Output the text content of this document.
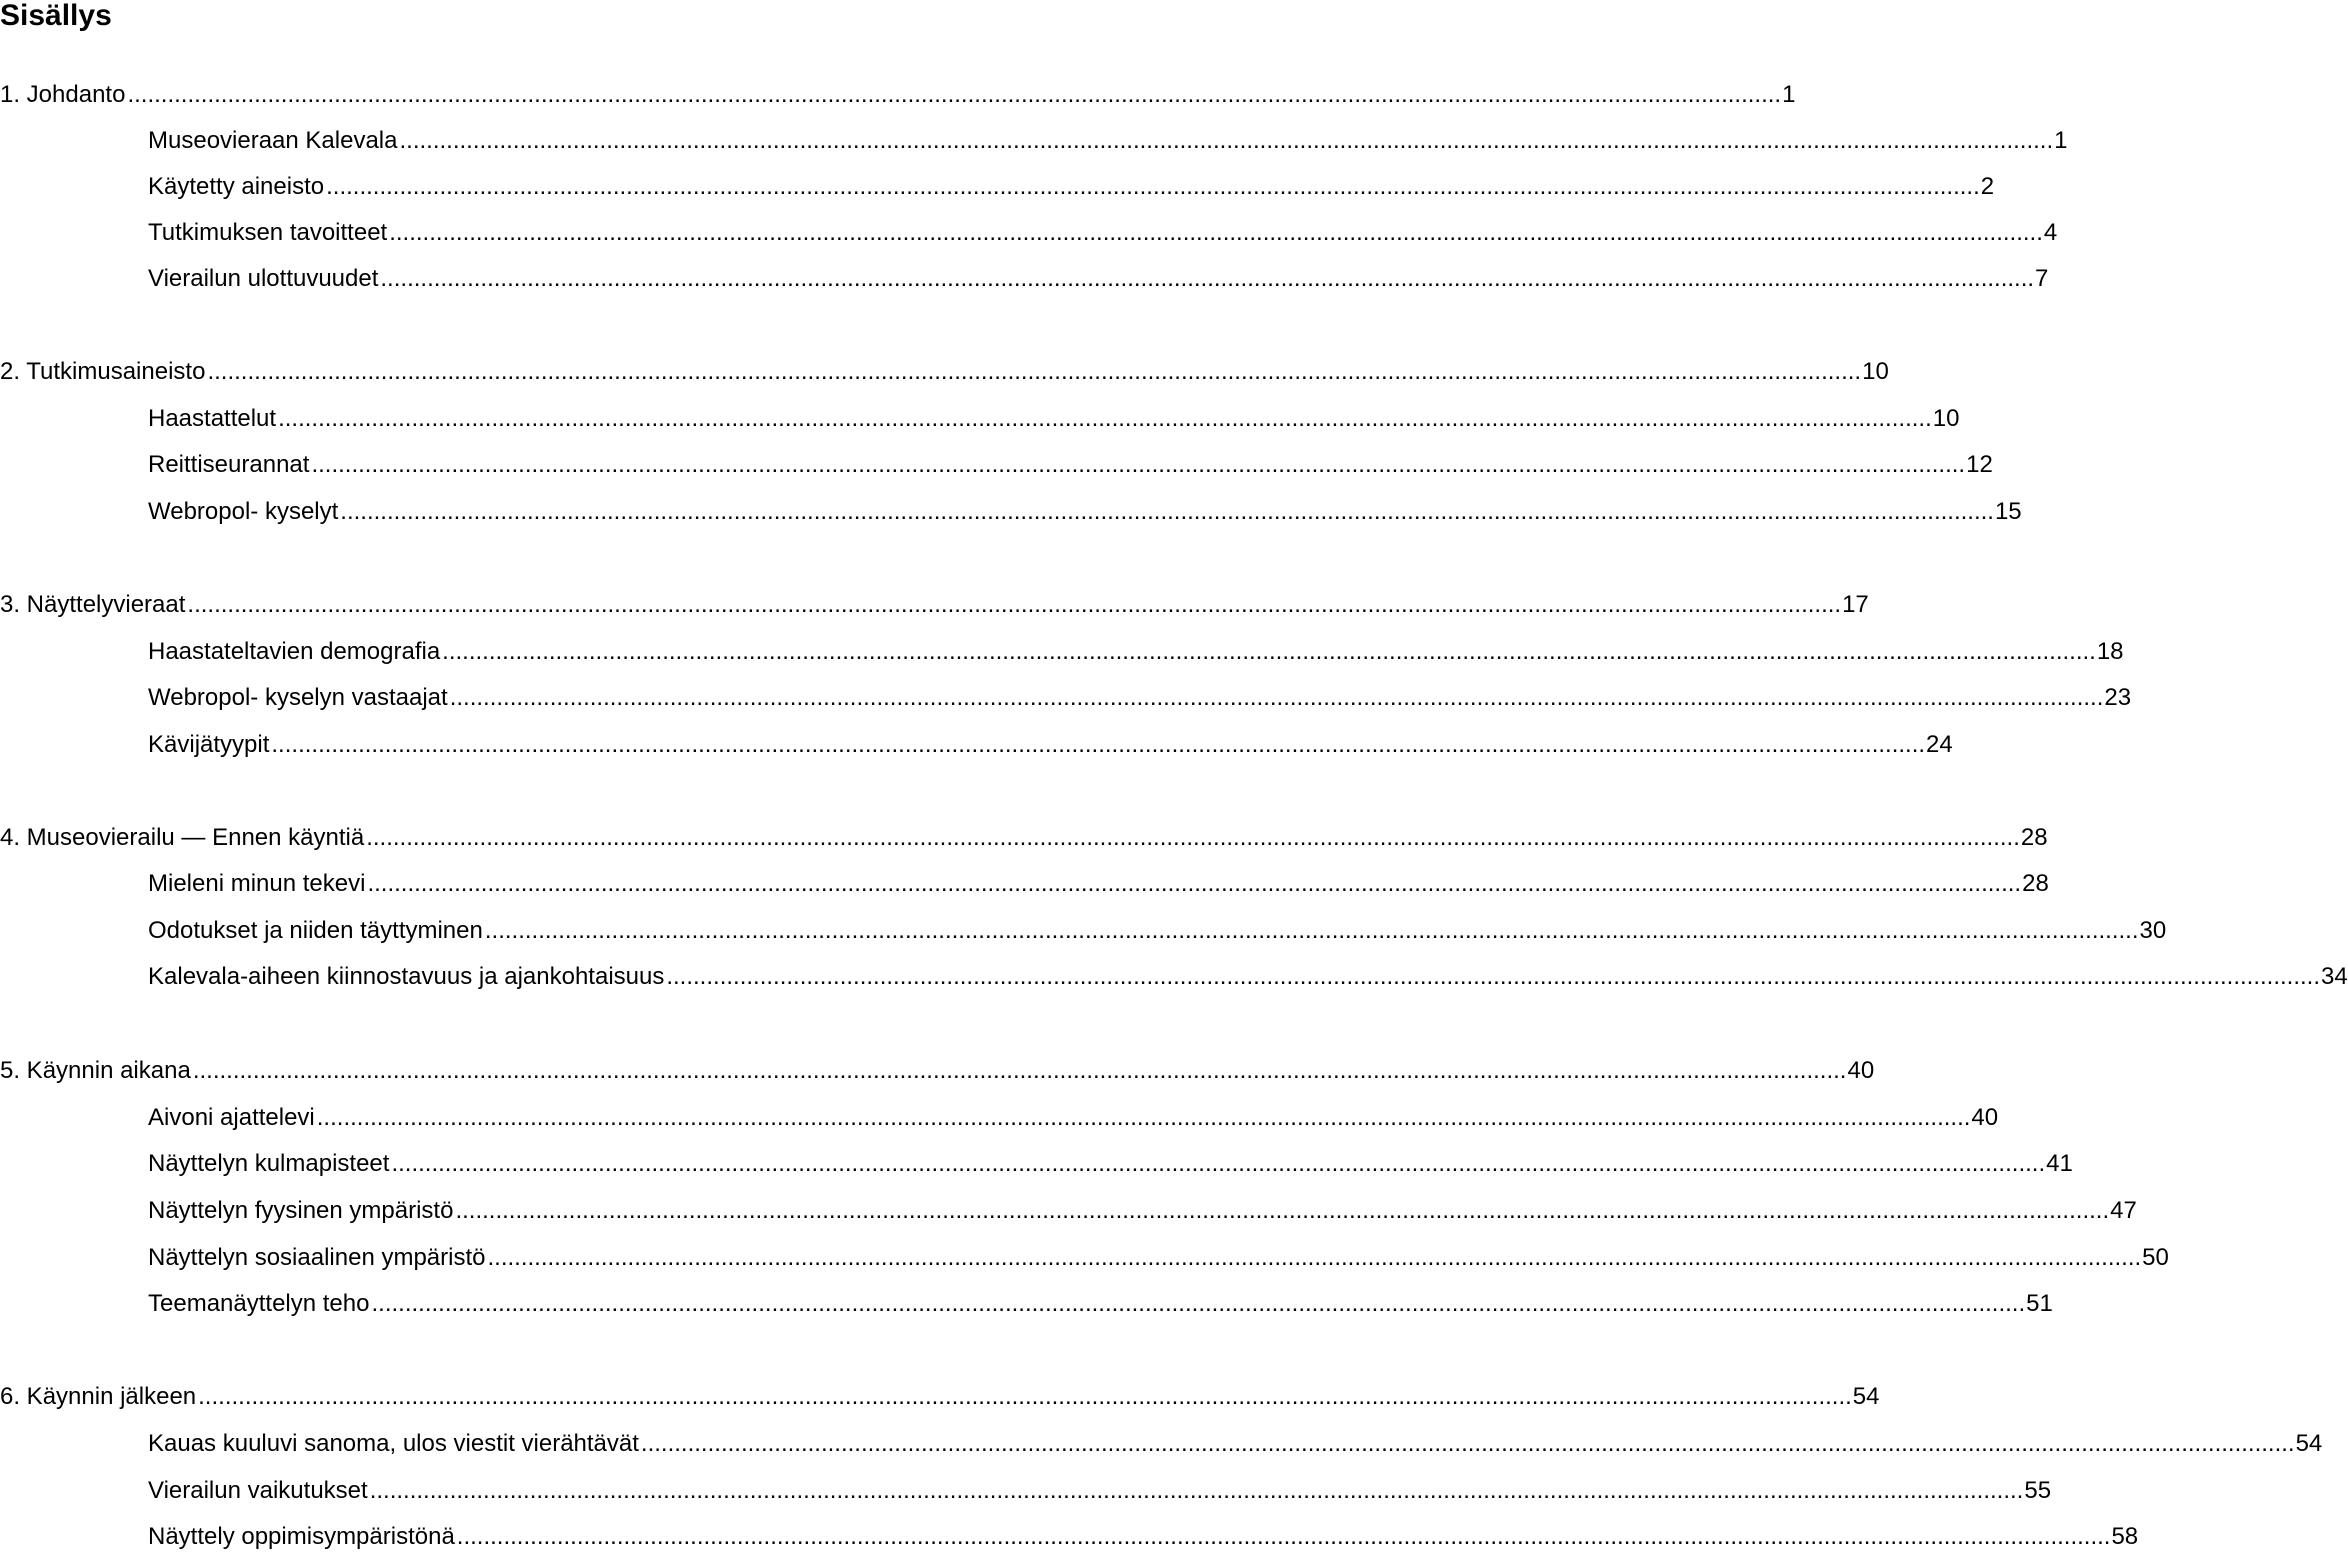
Sisällys
1. Johdanto ........................................................................................................................................................................................................................................................ 1
Museovieraan Kalevala ........................................................................................................................................................................................................................................................ 1
Käytetty aineisto ........................................................................................................................................................................................................................................................ 2
Tutkimuksen tavoitteet ........................................................................................................................................................................................................................................................ 4
Vierailun ulottuvuudet ........................................................................................................................................................................................................................................................ 7
2. Tutkimusaineisto ........................................................................................................................................................................................................................................................ 10
Haastattelut ........................................................................................................................................................................................................................................................ 10
Reittiseurannat ........................................................................................................................................................................................................................................................ 12
Webropol- kyselyt ........................................................................................................................................................................................................................................................ 15
3. Näyttelyvieraat ........................................................................................................................................................................................................................................................ 17
Haastateltavien demografia ........................................................................................................................................................................................................................................................ 18
Webropol- kyselyn vastaajat ........................................................................................................................................................................................................................................................ 23
Kävijätyypit ........................................................................................................................................................................................................................................................ 24
4. Museovierailu — Ennen käyntiä ........................................................................................................................................................................................................................................................ 28
Mieleni minun tekevi ........................................................................................................................................................................................................................................................ 28
Odotukset ja niiden täyttyminen ........................................................................................................................................................................................................................................................ 30
Kalevala-aiheen kiinnostavuus ja ajankohtaisuus ........................................................................................................................................................................................................................................................ 34
5. Käynnin aikana ........................................................................................................................................................................................................................................................ 40
Aivoni ajattelevi ........................................................................................................................................................................................................................................................ 40
Näyttelyn kulmapisteet ........................................................................................................................................................................................................................................................ 41
Näyttelyn fyysinen ympäristö ........................................................................................................................................................................................................................................................ 47
Näyttelyn sosiaalinen ympäristö ........................................................................................................................................................................................................................................................ 50
Teemanäyttelyn teho ........................................................................................................................................................................................................................................................ 51
6. Käynnin jälkeen ........................................................................................................................................................................................................................................................ 54
Kauas kuuluvi sanoma, ulos viestit vierähtävät ........................................................................................................................................................................................................................................................ 54
Vierailun vaikutukset ........................................................................................................................................................................................................................................................ 55
Näyttely oppimisympäristönä ........................................................................................................................................................................................................................................................ 58
